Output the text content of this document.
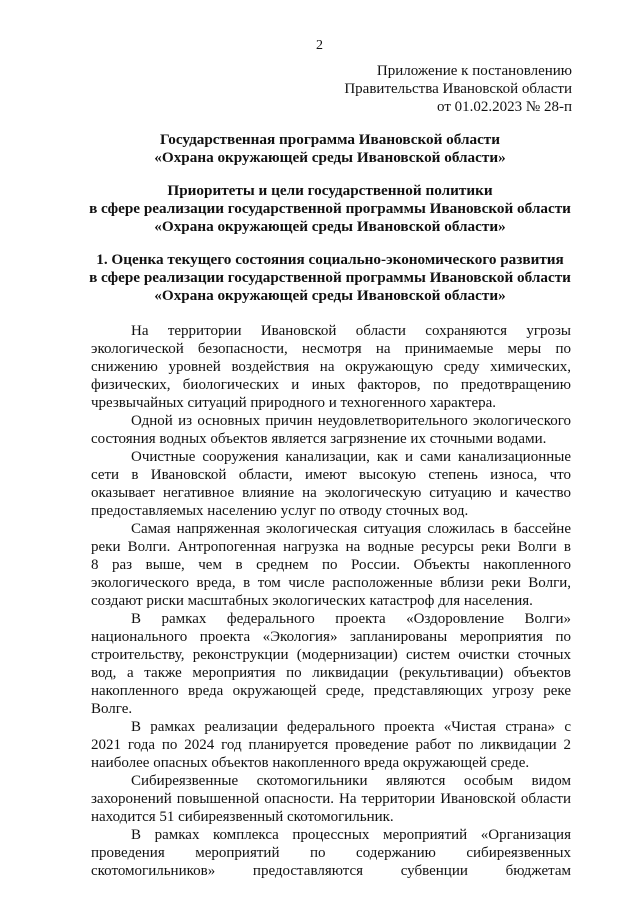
2
Приложение к постановлению
Правительства Ивановской области
от 01.02.2023 № 28-п
Государственная программа Ивановской области
«Охрана окружающей среды Ивановской области»
Приоритеты и цели государственной политики
в сфере реализации государственной программы Ивановской области
«Охрана окружающей среды Ивановской области»
1. Оценка текущего состояния социально-экономического развития
в сфере реализации государственной программы Ивановской области
«Охрана окружающей среды Ивановской области»
На территории Ивановской области сохраняются угрозы
экологической безопасности, несмотря на принимаемые меры по
снижению уровней воздействия на окружающую среду химических,
физических, биологических и иных факторов, по предотвращению
чрезвычайных ситуаций природного и техногенного характера.
Одной из основных причин неудовлетворительного экологического
состояния водных объектов является загрязнение их сточными водами.
Очистные сооружения канализации, как и сами канализационные
сети в Ивановской области, имеют высокую степень износа, что
оказывает негативное влияние на экологическую ситуацию и качество
предоставляемых населению услуг по отводу сточных вод.
Самая напряженная экологическая ситуация сложилась в бассейне
реки Волги. Антропогенная нагрузка на водные ресурсы реки Волги в
8 раз выше, чем в среднем по России. Объекты накопленного
экологического вреда, в том числе расположенные вблизи реки Волги,
создают риски масштабных экологических катастроф для населения.
В рамках федерального проекта «Оздоровление Волги»
национального проекта «Экология» запланированы мероприятия по
строительству, реконструкции (модернизации) систем очистки сточных
вод, а также мероприятия по ликвидации (рекультивации) объектов
накопленного вреда окружающей среде, представляющих угрозу реке
Волге.
В рамках реализации федерального проекта «Чистая страна» с
2021 года по 2024 год планируется проведение работ по ликвидации 2
наиболее опасных объектов накопленного вреда окружающей среде.
Сибиреязвенные скотомогильники являются особым видом
захоронений повышенной опасности. На территории Ивановской области
находится 51 сибиреязвенный скотомогильник.
В рамках комплекса процессных мероприятий «Организация
проведения мероприятий по содержанию сибиреязвенных
скотомогильников» предоставляются субвенции бюджетам
